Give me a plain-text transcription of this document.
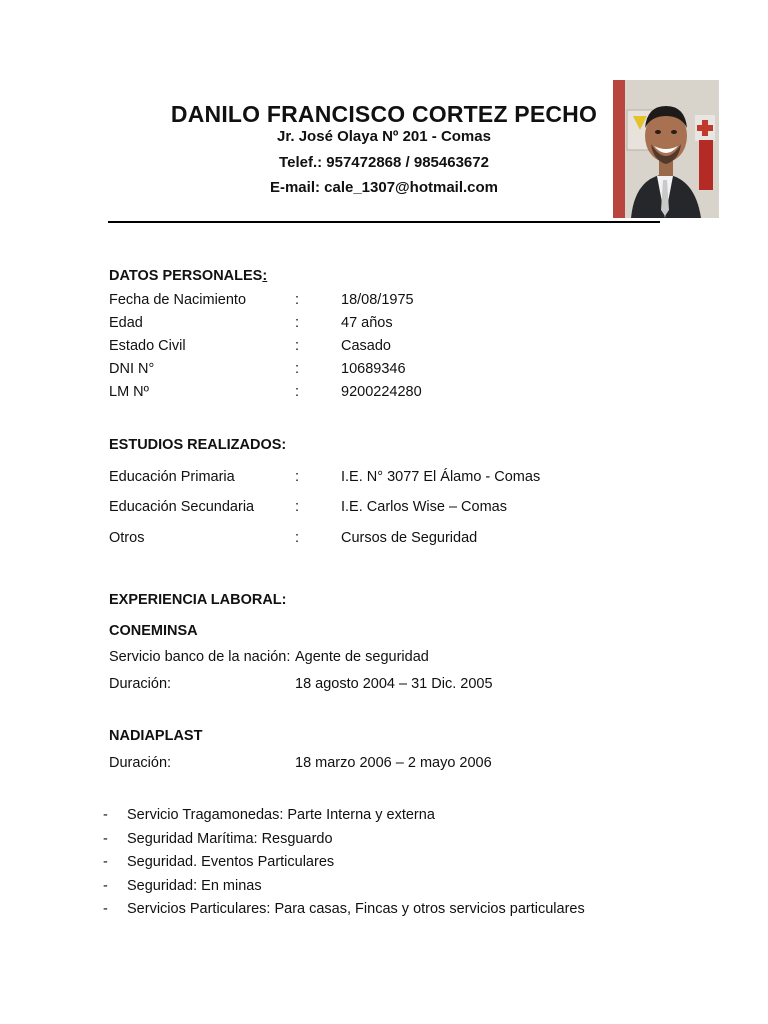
DANILO FRANCISCO CORTEZ PECHO
Jr. José Olaya Nº 201 - Comas
Telef.: 957472868 / 985463672
E-mail: cale_1307@hotmail.com
DATOS PERSONALES:
Fecha de Nacimiento	:	18/08/1975
Edad	:	47 años
Estado Civil	:	Casado
DNI N°	:	10689346
LM Nº	:	9200224280
ESTUDIOS REALIZADOS:
Educación Primaria	:	I.E. N° 3077 El Álamo - Comas
Educación Secundaria	:	I.E. Carlos Wise – Comas
Otros	:	Cursos de Seguridad
EXPERIENCIA LABORAL:
CONEMINSA
Servicio banco de la nación: Agente de seguridad
Duración:	18 agosto 2004 – 31 Dic. 2005
NADIAPLAST
Duración:	18 marzo 2006 – 2 mayo 2006
- Servicio Tragamonedas: Parte Interna y externa
- Seguridad Marítima: Resguardo
- Seguridad. Eventos Particulares
- Seguridad: En minas
- Servicios Particulares: Para casas, Fincas y otros servicios particulares
